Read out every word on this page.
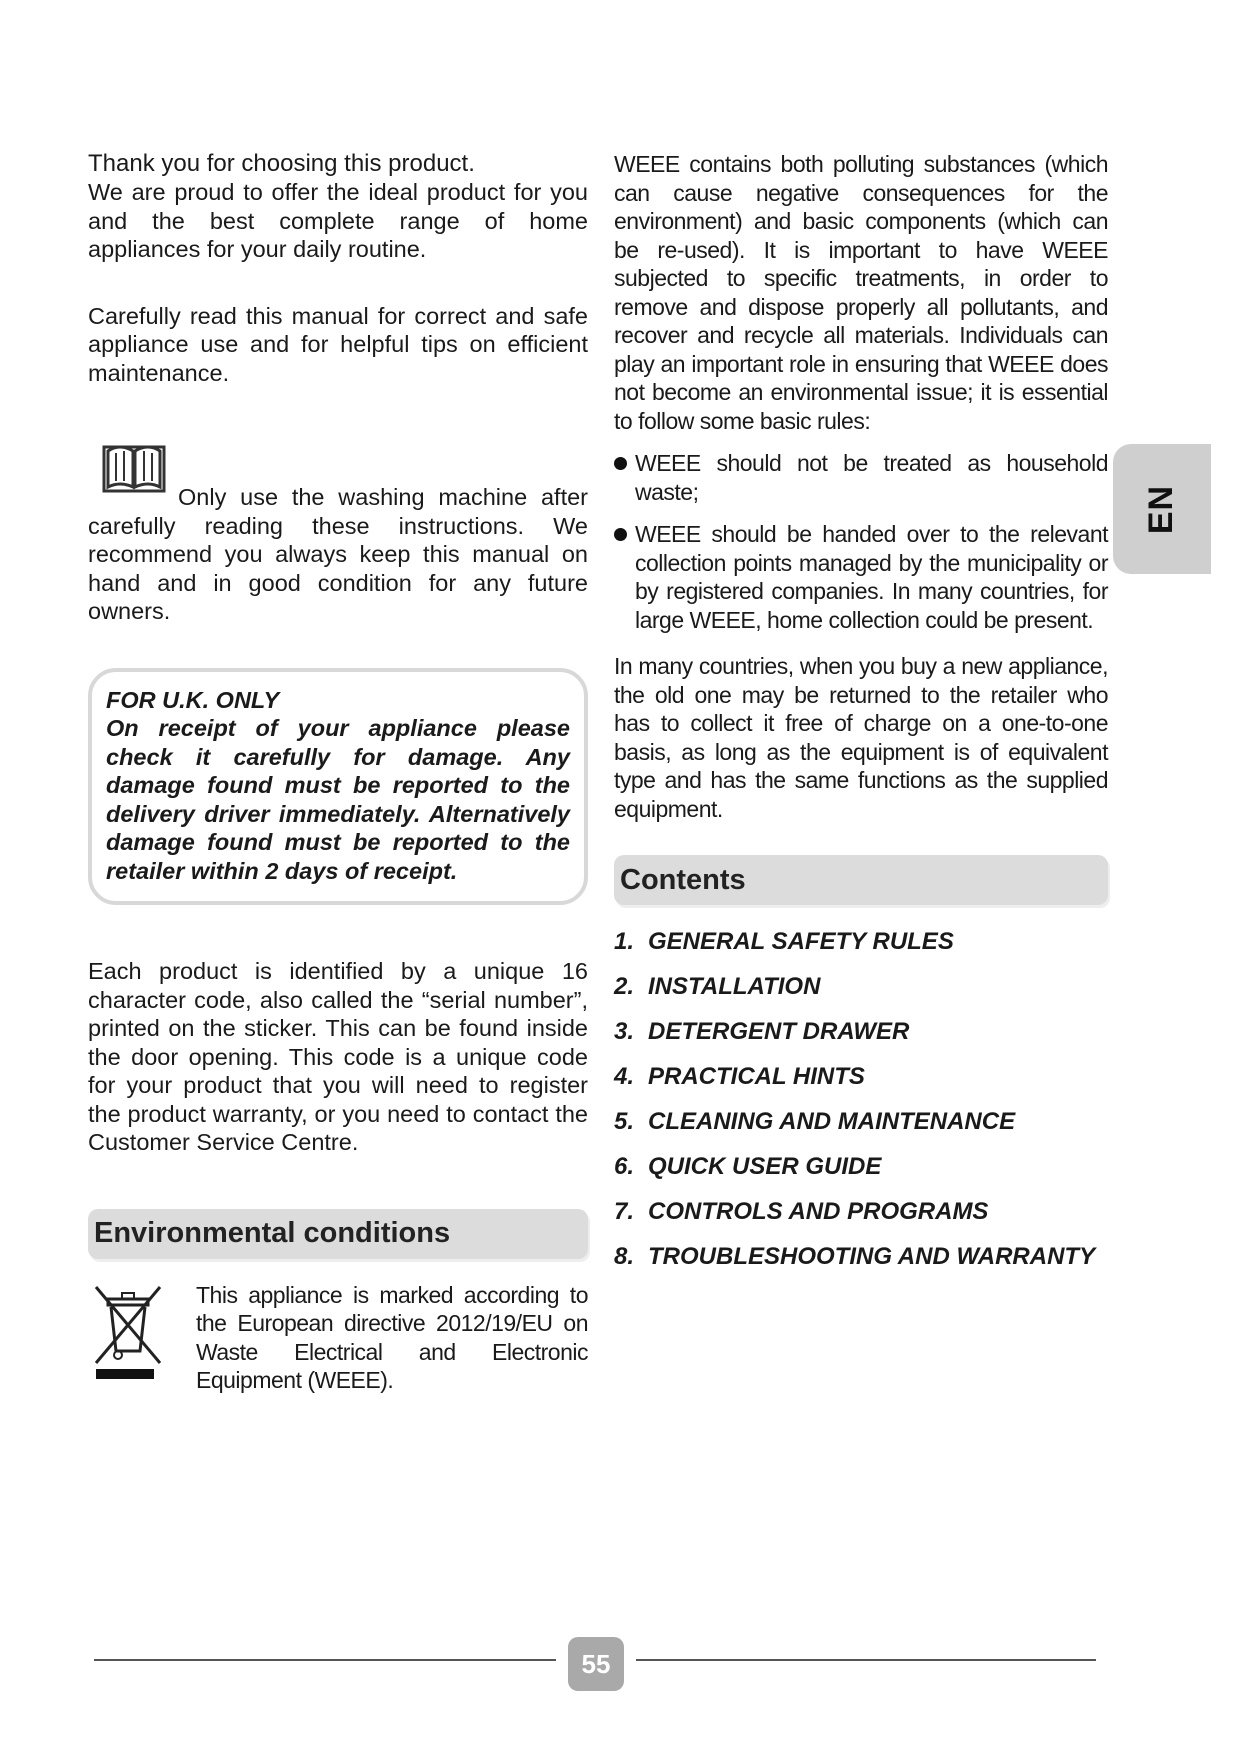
EN

Thank you for choosing this product.

We are proud to offer the ideal product for you and the best complete range of home appliances for your daily routine.

Carefully read this manual for correct and safe appliance use and for helpful tips on efficient maintenance.

Only use the washing machine after carefully reading these instructions. We recommend you always keep this manual on hand and in good condition for any future owners.

FOR U.K. ONLY

On receipt of your appliance please check it carefully for damage. Any damage found must be reported to the delivery driver immediately. Alternatively damage found must be reported to the retailer within 2 days of receipt.

Each product is identified by a unique 16 character code, also called the “serial number”, printed on the sticker. This can be found inside the door opening. This code is a unique code for your product that you will need to register the product warranty, or you need to contact the Customer Service Centre.

Environmental conditions

This appliance is marked according to the European directive 2012/19/EU on Waste Electrical and Electronic Equipment (WEEE).

WEEE contains both polluting substances (which can cause negative consequences for the environment) and basic components (which can be re-used). It is important to have WEEE subjected to specific treatments, in order to remove and dispose properly all pollutants, and recover and recycle all materials. Individuals can play an important role in ensuring that WEEE does not become an environmental issue; it is essential to follow some basic rules:

WEEE should not be treated as household waste;

WEEE should be handed over to the relevant collection points managed by the municipality or by registered companies. In many countries, for large WEEE, home collection could be present.

In many countries, when you buy a new appliance, the old one may be returned to the retailer who has to collect it free of charge on a one-to-one basis, as long as the equipment is of equivalent type and has the same functions as the supplied equipment.

Contents
1. GENERAL SAFETY RULES
2. INSTALLATION
3. DETERGENT DRAWER
4. PRACTICAL HINTS
5. CLEANING AND MAINTENANCE
6. QUICK USER GUIDE
7. CONTROLS AND PROGRAMS
8. TROUBLESHOOTING AND WARRANTY
55
